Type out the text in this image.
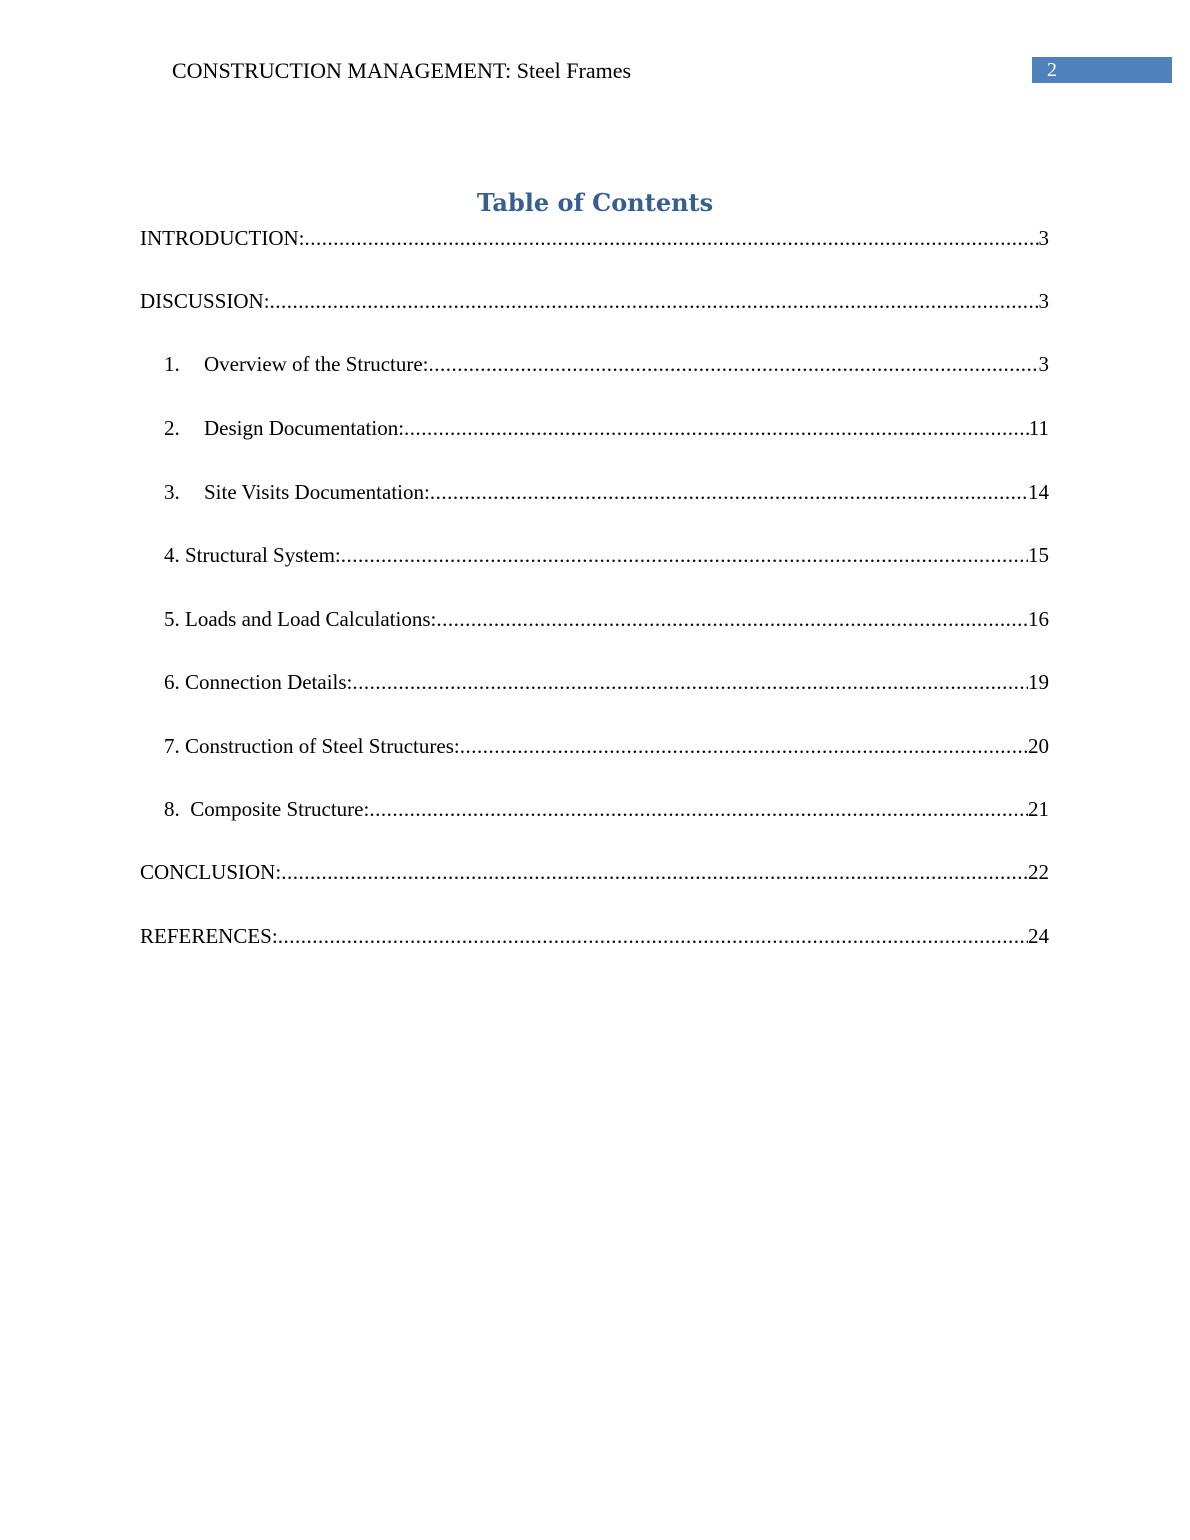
CONSTRUCTION MANAGEMENT: Steel Frames	2
Table of Contents
INTRODUCTION: .....	3
DISCUSSION: .....	3
1.	Overview of the Structure: .....	3
2.	Design Documentation: .....	11
3.	Site Visits Documentation: .....	14
4. Structural System: .....	15
5. Loads and Load Calculations: .....	16
6. Connection Details: .....	19
7. Construction of Steel Structures: .....	20
8.  Composite Structure: .....	21
CONCLUSION: .....	22
REFERENCES: .....	24
